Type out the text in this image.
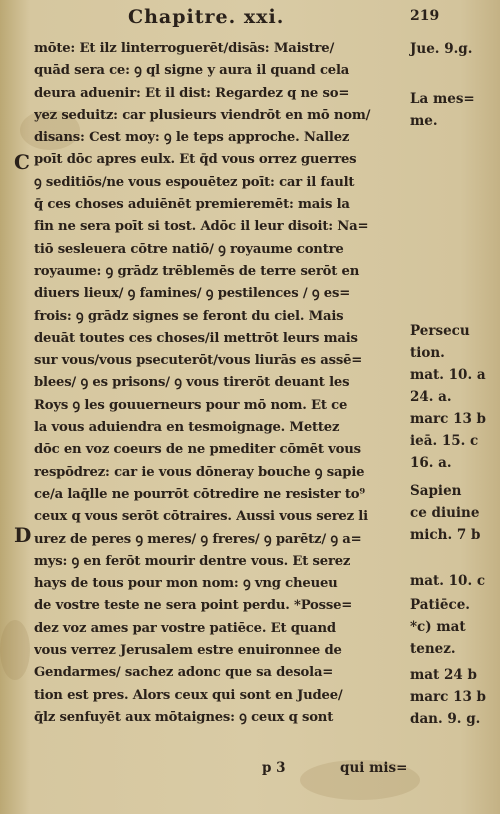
Chapitre. xxi.	219
C
D
mōte: Et ilz linterroguerēt/disās: Maistre/
quād sera ce: ꝯ ql signe y aura il quand cela
deura aduenir: Et il dist: Regardez q ne so=
yez seduitz: car plusieurs viendrōt en mō nom/
disans: Cest moy: ꝯ le teps approche. Nallez
poīt dōc apres eulx. Et q̄d vous orrez guerres
ꝯ seditiōs/ne vous espouētez poīt: car il fault
q̄ ces choses aduiēnēt premieremēt: mais la
fin ne sera poīt si tost. Adōc il leur disoit: Na=
tiō sesleuera cōtre natiō/ ꝯ royaume contre
royaume: ꝯ grādz trēblemēs de terre serōt en
diuers lieux/ ꝯ famines/ ꝯ pestilences / ꝯ es=
frois: ꝯ grādz signes se feront du ciel. Mais
deuāt toutes ces choses/il mettrōt leurs mais
sur vous/vous psecuterōt/vous liurās es assē=
blees/ ꝯ es prisons/ ꝯ vous tirerōt deuant les
Roys ꝯ les gouuerneurs pour mō nom. Et ce
la vous aduiendra en tesmoignage. Mettez
dōc en voz coeurs de ne pmediter cōmēt vous
respōdrez: car ie vous dōneray bouche ꝯ sapie
ce/a laq̄lle ne pourrōt cōtredire ne resister to⁹
ceux q vous serōt cōtraires. Aussi vous serez li
urez de peres ꝯ meres/ ꝯ freres/ ꝯ parētz/ ꝯ a=
mys: ꝯ en ferōt mourir dentre vous. Et serez
hays de tous pour mon nom: ꝯ vng cheueu
de vostre teste ne sera point perdu. *Posse=
dez voz ames par vostre patiēce. Et quand
vous verrez Jerusalem estre enuironnee de
Gendarmes/ sachez adonc que sa desola=
tion est pres. Alors ceux qui sont en Judee/
q̄lz senfuyēt aux mōtaignes: ꝯ ceux q sont
Jue. 9.g.
La mes=
me.
Persecu
tion.
mat. 10. a
24. a.
marc 13 b
ieā. 15. c
16. a.
Sapien
ce diuine
mich. 7 b
mat. 10. c
Patiēce.
*c) mat
tenez.
mat 24 b
marc 13 b
dan. 9. g.
p 3	qui mis=
